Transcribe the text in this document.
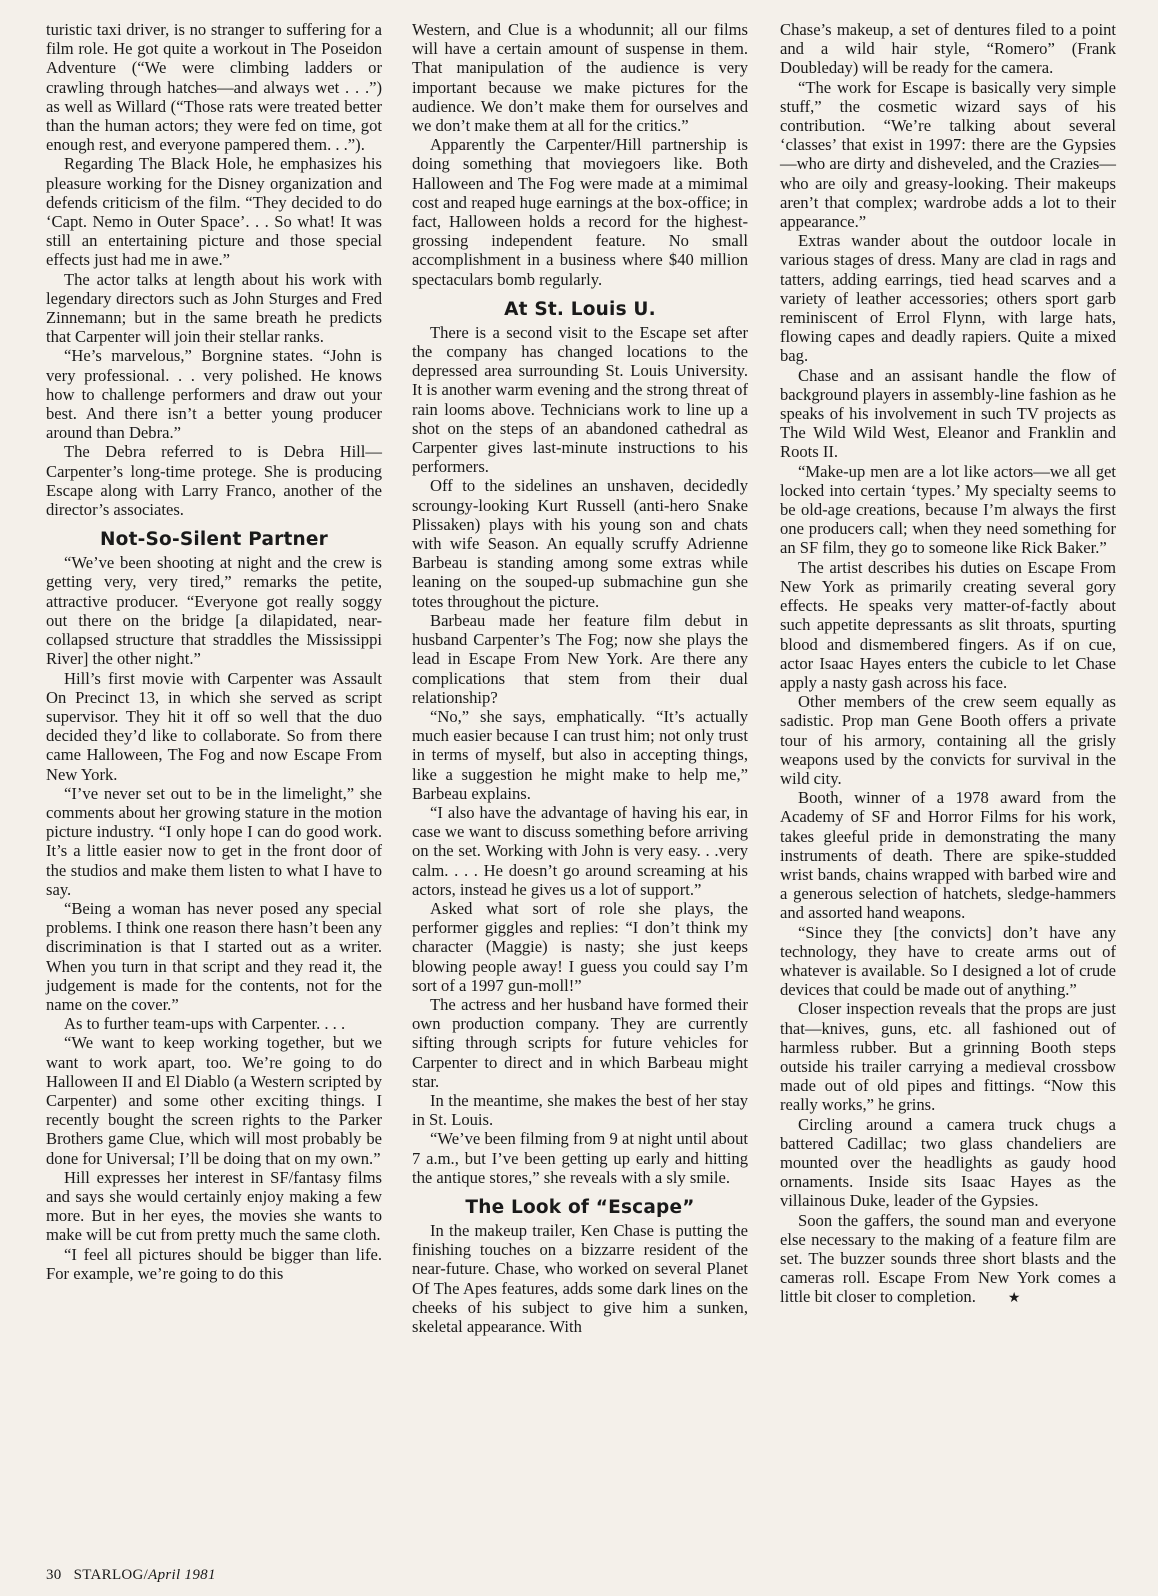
turistic taxi driver, is no stranger to suffering for a film role. He got quite a workout in The Poseidon Adventure (“We were climbing ladders or crawling through hatches—and always wet . . .”) as well as Willard (“Those rats were treated better than the human actors; they were fed on time, got enough rest, and everyone pampered them. . .”).

Regarding The Black Hole, he emphasizes his pleasure working for the Disney organization and defends criticism of the film. “They decided to do ‘Capt. Nemo in Outer Space’. . . So what! It was still an entertaining picture and those special effects just had me in awe.”

The actor talks at length about his work with legendary directors such as John Sturges and Fred Zinnemann; but in the same breath he predicts that Carpenter will join their stellar ranks.

“He’s marvelous,” Borgnine states. “John is very professional. . . very polished. He knows how to challenge performers and draw out your best. And there isn’t a better young producer around than Debra.”

The Debra referred to is Debra Hill—Carpenter’s long-time protege. She is producing Escape along with Larry Franco, another of the director’s associates.

Not-So-Silent Partner

“We’ve been shooting at night and the crew is getting very, very tired,” remarks the petite, attractive producer. “Everyone got really soggy out there on the bridge [a dilapidated, near-collapsed structure that straddles the Mississippi River] the other night.”

Hill’s first movie with Carpenter was Assault On Precinct 13, in which she served as script supervisor. They hit it off so well that the duo decided they’d like to collaborate. So from there came Halloween, The Fog and now Escape From New York.

“I’ve never set out to be in the limelight,” she comments about her growing stature in the motion picture industry. “I only hope I can do good work. It’s a little easier now to get in the front door of the studios and make them listen to what I have to say.

“Being a woman has never posed any special problems. I think one reason there hasn’t been any discrimination is that I started out as a writer. When you turn in that script and they read it, the judgement is made for the contents, not for the name on the cover.”

As to further team-ups with Carpenter. . . .

“We want to keep working together, but we want to work apart, too. We’re going to do Halloween II and El Diablo (a Western scripted by Carpenter) and some other exciting things. I recently bought the screen rights to the Parker Brothers game Clue, which will most probably be done for Universal; I’ll be doing that on my own.”

Hill expresses her interest in SF/fantasy films and says she would certainly enjoy making a few more. But in her eyes, the movies she wants to make will be cut from pretty much the same cloth.

“I feel all pictures should be bigger than life. For example, we’re going to do this

Western, and Clue is a whodunnit; all our films will have a certain amount of suspense in them. That manipulation of the audience is very important because we make pictures for the audience. We don’t make them for ourselves and we don’t make them at all for the critics.”

Apparently the Carpenter/Hill partnership is doing something that moviegoers like. Both Halloween and The Fog were made at a mimimal cost and reaped huge earnings at the box-office; in fact, Halloween holds a record for the highest-grossing independent feature. No small accomplishment in a business where $40 million spectaculars bomb regularly.

At St. Louis U.

There is a second visit to the Escape set after the company has changed locations to the depressed area surrounding St. Louis University. It is another warm evening and the strong threat of rain looms above. Technicians work to line up a shot on the steps of an abandoned cathedral as Carpenter gives last-minute instructions to his performers.

Off to the sidelines an unshaven, decidedly scroungy-looking Kurt Russell (anti-hero Snake Plissaken) plays with his young son and chats with wife Season. An equally scruffy Adrienne Barbeau is standing among some extras while leaning on the souped-up submachine gun she totes throughout the picture.

Barbeau made her feature film debut in husband Carpenter’s The Fog; now she plays the lead in Escape From New York. Are there any complications that stem from their dual relationship?

“No,” she says, emphatically. “It’s actually much easier because I can trust him; not only trust in terms of myself, but also in accepting things, like a suggestion he might make to help me,” Barbeau explains.

“I also have the advantage of having his ear, in case we want to discuss something before arriving on the set. Working with John is very easy. . .very calm. . . . He doesn’t go around screaming at his actors, instead he gives us a lot of support.”

Asked what sort of role she plays, the performer giggles and replies: “I don’t think my character (Maggie) is nasty; she just keeps blowing people away! I guess you could say I’m sort of a 1997 gun-moll!”

The actress and her husband have formed their own production company. They are currently sifting through scripts for future vehicles for Carpenter to direct and in which Barbeau might star.

In the meantime, she makes the best of her stay in St. Louis.

“We’ve been filming from 9 at night until about 7 a.m., but I’ve been getting up early and hitting the antique stores,” she reveals with a sly smile.

The Look of “Escape”

In the makeup trailer, Ken Chase is putting the finishing touches on a bizzarre resident of the near-future. Chase, who worked on several Planet Of The Apes features, adds some dark lines on the cheeks of his subject to give him a sunken, skeletal appearance. With

Chase’s makeup, a set of dentures filed to a point and a wild hair style, “Romero” (Frank Doubleday) will be ready for the camera.

“The work for Escape is basically very simple stuff,” the cosmetic wizard says of his contribution. “We’re talking about several ‘classes’ that exist in 1997: there are the Gypsies—who are dirty and disheveled, and the Crazies—who are oily and greasy-looking. Their makeups aren’t that complex; wardrobe adds a lot to their appearance.”

Extras wander about the outdoor locale in various stages of dress. Many are clad in rags and tatters, adding earrings, tied head scarves and a variety of leather accessories; others sport garb reminiscent of Errol Flynn, with large hats, flowing capes and deadly rapiers. Quite a mixed bag.

Chase and an assisant handle the flow of background players in assembly-line fashion as he speaks of his involvement in such TV projects as The Wild Wild West, Eleanor and Franklin and Roots II.

“Make-up men are a lot like actors—we all get locked into certain ‘types.’ My specialty seems to be old-age creations, because I’m always the first one producers call; when they need something for an SF film, they go to someone like Rick Baker.”

The artist describes his duties on Escape From New York as primarily creating several gory effects. He speaks very matter-of-factly about such appetite depressants as slit throats, spurting blood and dismembered fingers. As if on cue, actor Isaac Hayes enters the cubicle to let Chase apply a nasty gash across his face.

Other members of the crew seem equally as sadistic. Prop man Gene Booth offers a private tour of his armory, containing all the grisly weapons used by the convicts for survival in the wild city.

Booth, winner of a 1978 award from the Academy of SF and Horror Films for his work, takes gleeful pride in demonstrating the many instruments of death. There are spike-studded wrist bands, chains wrapped with barbed wire and a generous selection of hatchets, sledge-hammers and assorted hand weapons.

“Since they [the convicts] don’t have any technology, they have to create arms out of whatever is available. So I designed a lot of crude devices that could be made out of anything.”

Closer inspection reveals that the props are just that—knives, guns, etc. all fashioned out of harmless rubber. But a grinning Booth steps outside his trailer carrying a medieval crossbow made out of old pipes and fittings. “Now this really works,” he grins.

Circling around a camera truck chugs a battered Cadillac; two glass chandeliers are mounted over the headlights as gaudy hood ornaments. Inside sits Isaac Hayes as the villainous Duke, leader of the Gypsies.

Soon the gaffers, the sound man and everyone else necessary to the making of a feature film are set. The buzzer sounds three short blasts and the cameras roll. Escape From New York comes a little bit closer to completion. ★

30 STARLOG/April 1981
